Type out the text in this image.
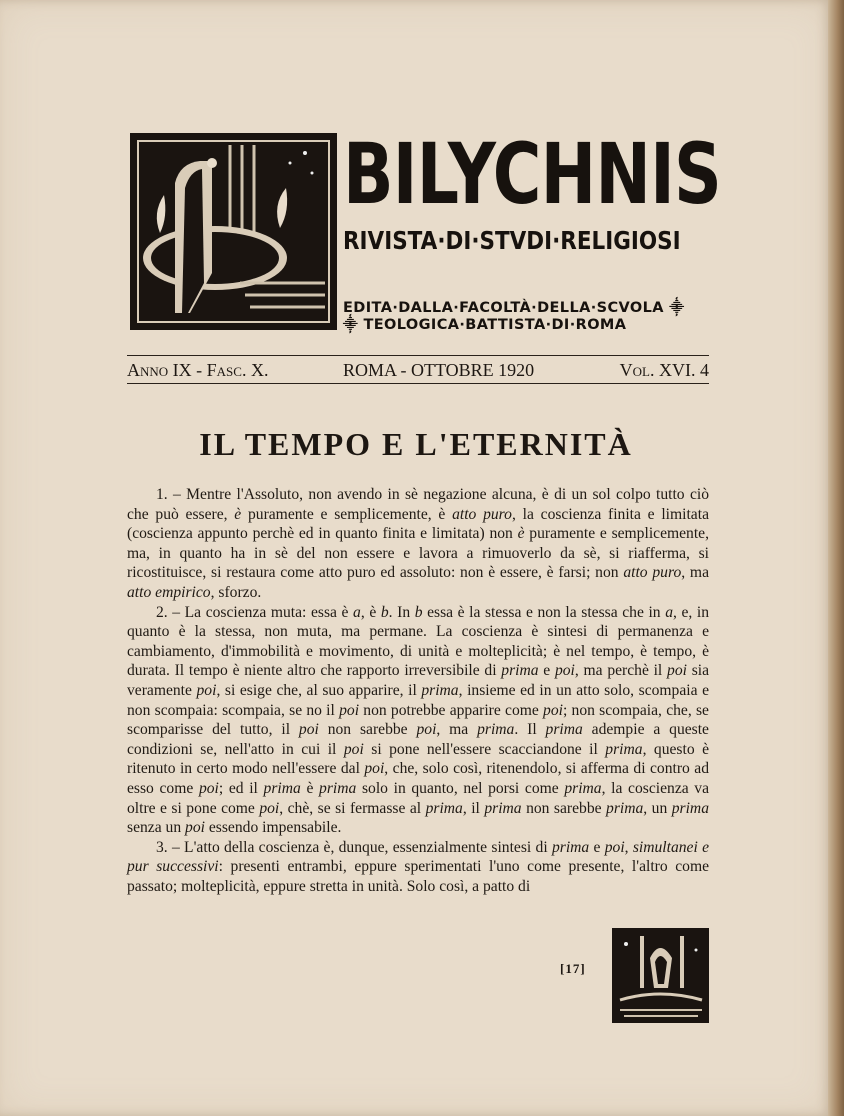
BILYCHNIS
RIVISTA·DI·STVDI·RELIGIOSI
EDITA·DALLA·FACOLTÀ·DELLA·SCVOLA ⸎
⸎ TEOLOGICA·BATTISTA·DI·ROMA
Anno IX - Fasc. X.	ROMA - OTTOBRE 1920	Vol. XVI. 4
IL TEMPO E L'ETERNITÀ

1. – Mentre l'Assoluto, non avendo in sè negazione alcuna, è di un sol colpo tutto ciò che può essere, è puramente e semplicemente, è atto puro, la coscienza finita e limitata (coscienza appunto perchè ed in quanto finita e limitata) non è puramente e semplicemente, ma, in quanto ha in sè del non essere e lavora a rimuoverlo da sè, si riafferma, si ricostituisce, si restaura come atto puro ed assoluto: non è essere, è farsi; non atto puro, ma atto empirico, sforzo.

2. – La coscienza muta: essa è a, è b. In b essa è la stessa e non la stessa che in a, e, in quanto è la stessa, non muta, ma permane. La coscienza è sintesi di permanenza e cambiamento, d'immobilità e movimento, di unità e molteplicità; è nel tempo, è tempo, è durata. Il tempo è niente altro che rapporto irreversibile di prima e poi, ma perchè il poi sia veramente poi, si esige che, al suo apparire, il prima, insieme ed in un atto solo, scompaia e non scompaia: scompaia, se no il poi non potrebbe apparire come poi; non scompaia, che, se scomparisse del tutto, il poi non sarebbe poi, ma prima. Il prima adempie a queste condizioni se, nell'atto in cui il poi si pone nell'essere scacciandone il prima, questo è ritenuto in certo modo nell'essere dal poi, che, solo così, ritenendolo, si afferma di contro ad esso come poi; ed il prima è prima solo in quanto, nel porsi come prima, la coscienza va oltre e si pone come poi, chè, se si fermasse al prima, il prima non sarebbe prima, un prima senza un poi essendo impensabile.

3. – L'atto della coscienza è, dunque, essenzialmente sintesi di prima e poi, simultanei e pur successivi: presenti entrambi, eppure sperimentati l'uno come presente, l'altro come passato; molteplicità, eppure stretta in unità. Solo così, a patto di

[17]
